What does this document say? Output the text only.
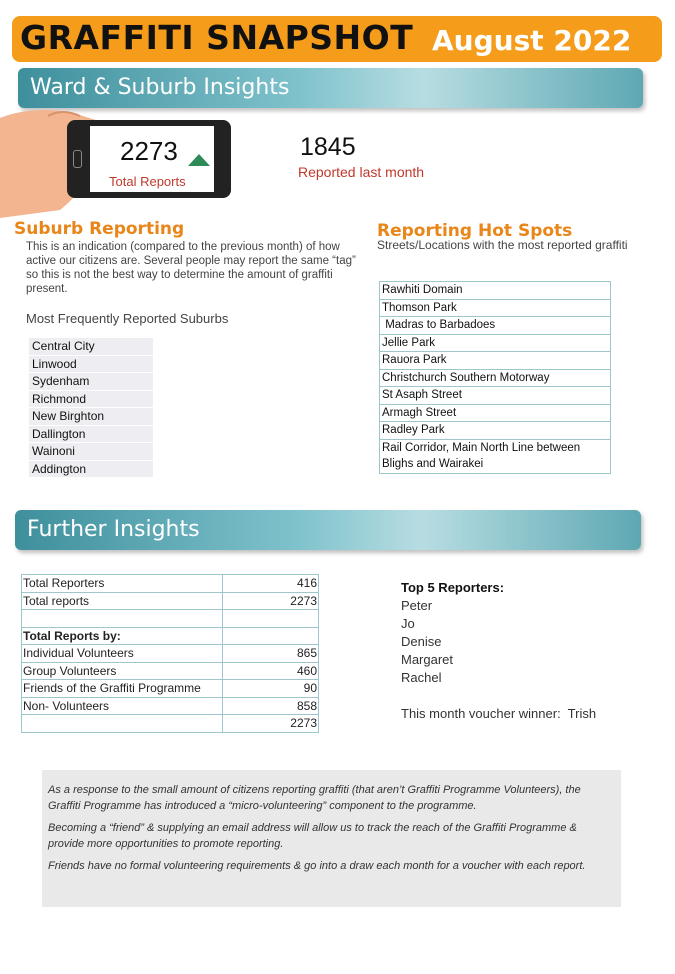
GRAFFITI SNAPSHOT August 2022
Ward & Suburb Insights
2273
Total Reports
1845
Reported last month
Suburb Reporting
This is an indication (compared to the previous month) of how active our citizens are. Several people may report the same “tag” so this is not the best way to determine the amount of graffiti present.
Most Frequently Reported Suburbs
Central City
Linwood
Sydenham
Richmond
New Birghton
Dallington
Wainoni
Addington
Reporting Hot Spots
Streets/Locations with the most reported graffiti
Rawhiti Domain
Thomson Park
Madras to Barbadoes
Jellie Park
Rauora Park
Christchurch Southern Motorway
St Asaph Street
Armagh Street
Radley Park
Rail Corridor, Main North Line between Blighs and Wairakei
Further Insights
Total Reporters	416
Total reports	2273

Total Reports by:	
Individual Volunteers	865
Group Volunteers	460
Friends of the Graffiti Programme	90
Non- Volunteers	858
	2273
Top 5 Reporters:
Peter
Jo
Denise
Margaret
Rachel
This month voucher winner:  Trish

As a response to the small amount of citizens reporting graffiti (that aren’t Graffiti Programme Volunteers), the Graffiti Programme has introduced a “micro-volunteering” component to the programme.

Becoming a “friend” & supplying an email address will allow us to track the reach of the Graffiti Programme & provide more opportunities to promote reporting.

Friends have no formal volunteering requirements & go into a draw each month for a voucher with each report.
